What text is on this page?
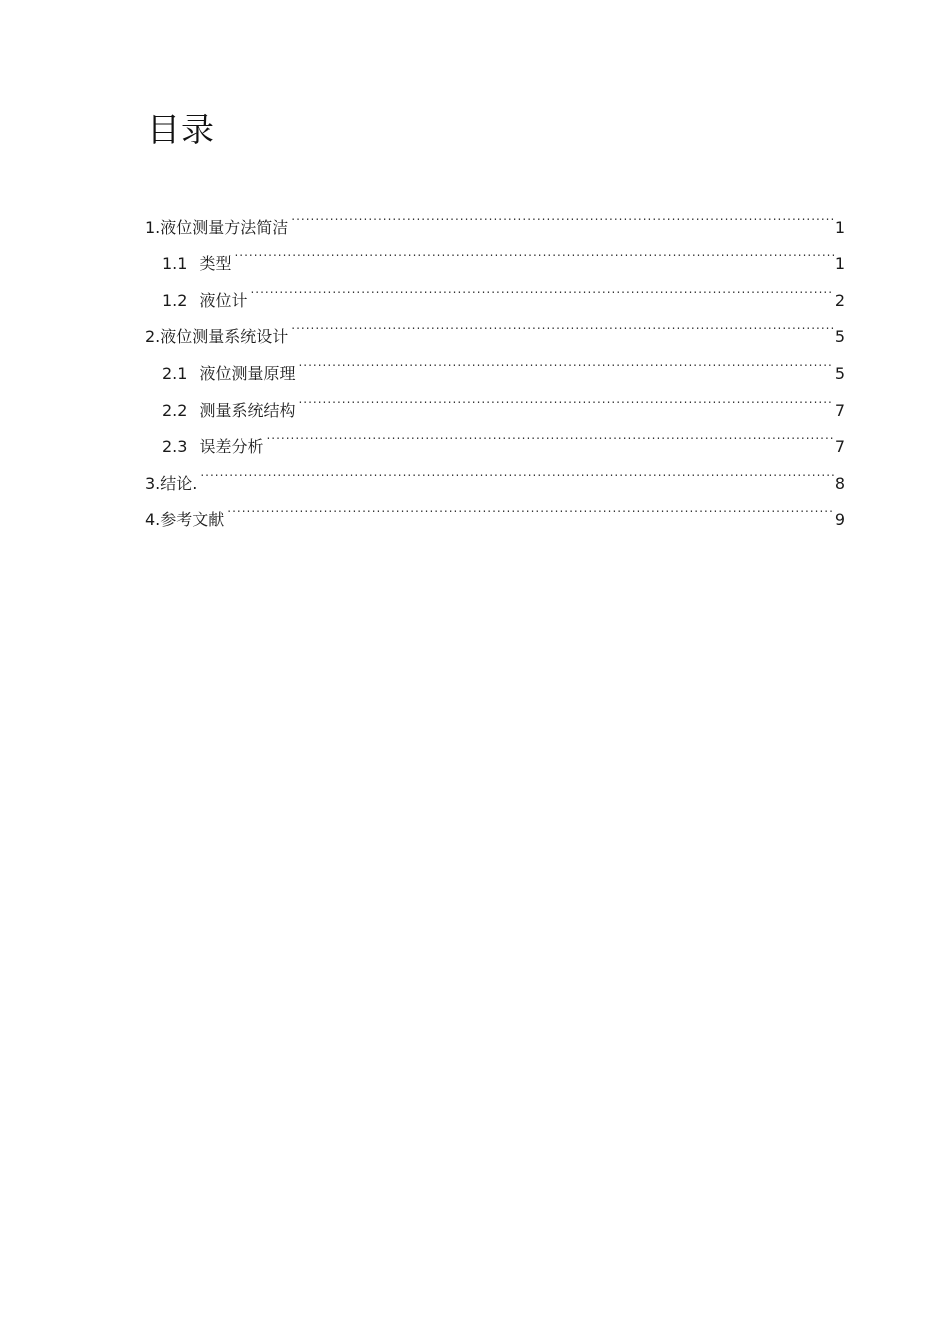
目录
1. 液位测量方法简洁 .....	1
1.1 类型 .....	1
1.2 液位计 .....	2
2. 液位测量系统设计 .....	5
2.1 液位测量原理 .....	5
2.2 测量系统结构 .....	7
2.3 误差分析 .....	7
3. 结论. .....	8
4. 参考文献 .....	9
